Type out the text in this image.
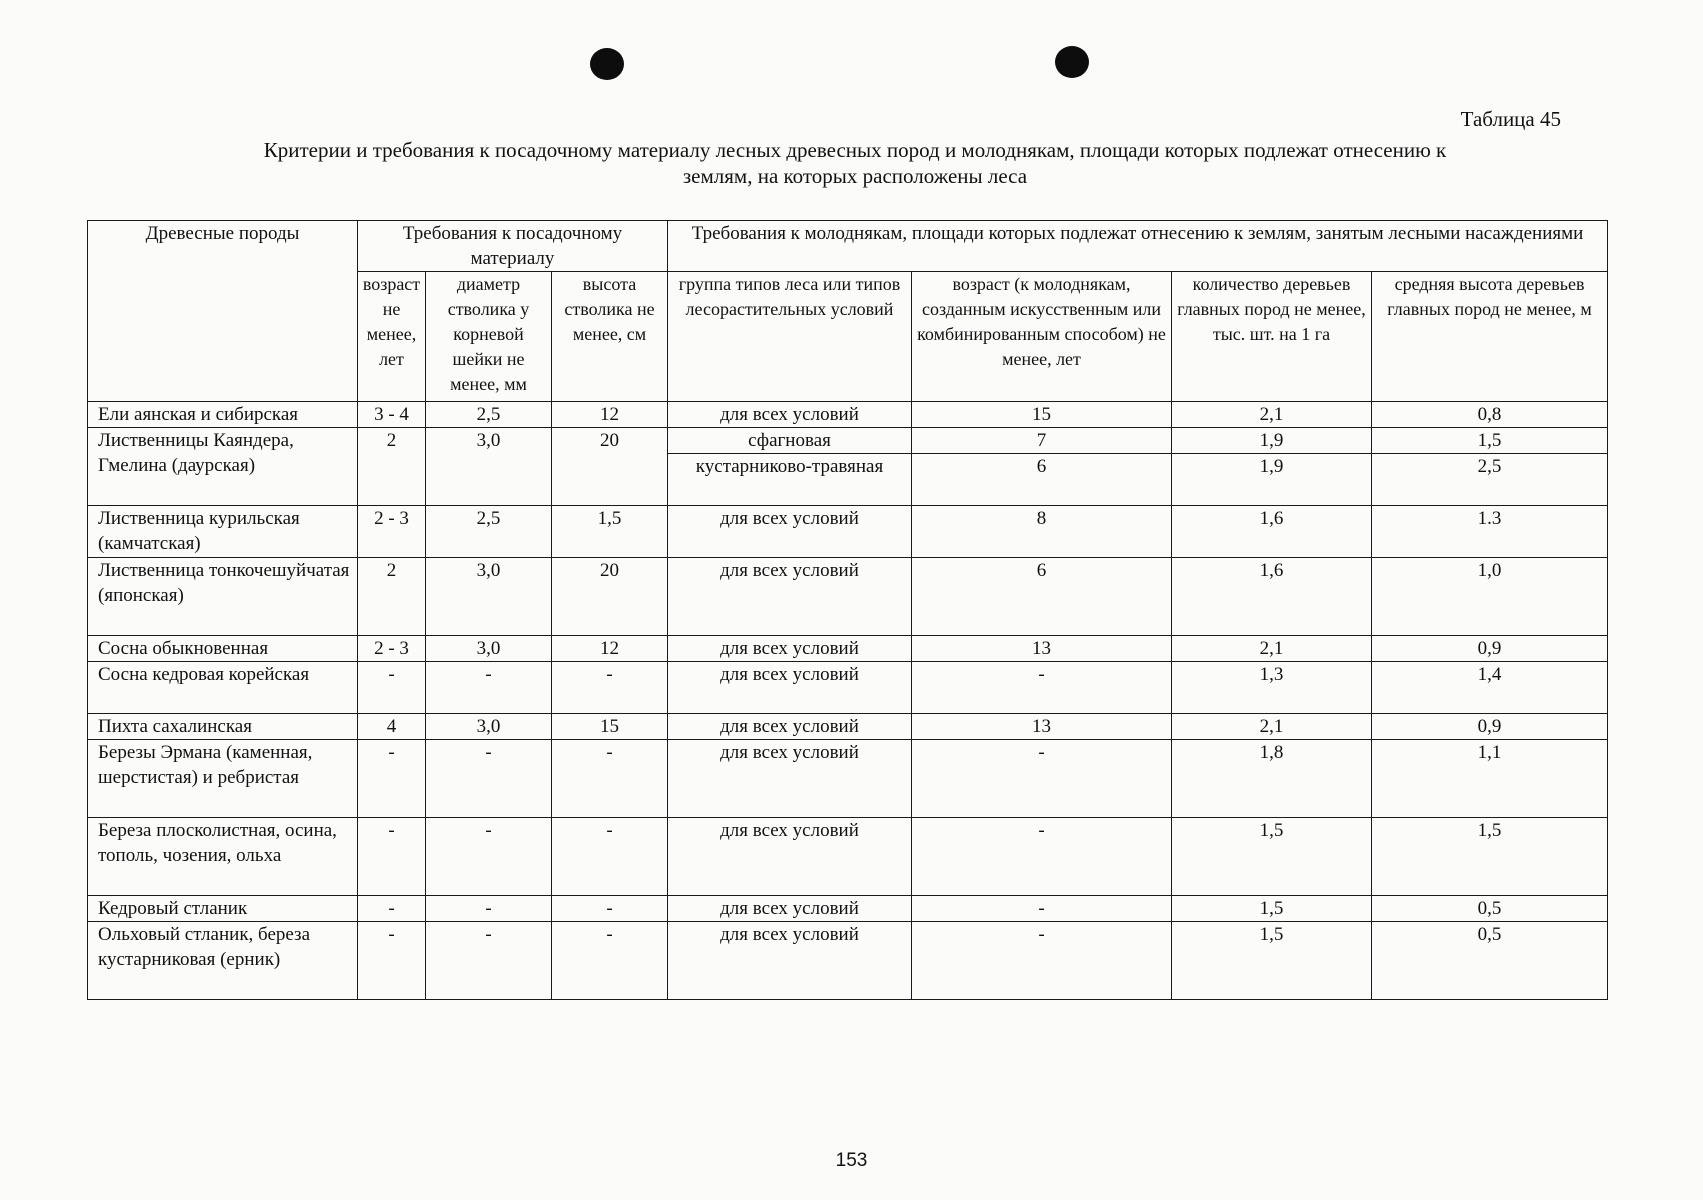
Таблица 45
Критерии и требования к посадочному материалу лесных древесных пород и молоднякам, площади которых подлежат отнесению к
землям, на которых расположены леса
Древесные породы	Требования к посадочному материалу			Требования к молоднякам, площади которых подлежат отнесению к землям, занятым лесными насаждениями			
	возраст не менее, лет	диаметр стволика у корневой шейки не менее, мм	высота стволика не менее, см	группа типов леса или типов лесорастительных условий	возраст (к молоднякам, созданным искусственным или комбинированным способом) не менее, лет	количество деревьев главных пород не менее, тыс. шт. на 1 га	средняя высота деревьев главных пород не менее, м
Ели аянская и сибирская	3 - 4	2,5	12	для всех условий	15	2,1	0,8
Лиственницы Каяндера, Гмелина (даурская)	2	3,0	20	сфагновая	7	1,9	1,5
				кустарниково-травяная	6	1,9	2,5
Лиственница курильская (камчатская)	2 - 3	2,5	1,5	для всех условий	8	1,6	1.3
Лиственница тонкочешуйчатая (японская)	2	3,0	20	для всех условий	6	1,6	1,0
Сосна обыкновенная	2 - 3	3,0	12	для всех условий	13	2,1	0,9
Сосна кедровая корейская	-	-	-	для всех условий	-	1,3	1,4
Пихта сахалинская	4	3,0	15	для всех условий	13	2,1	0,9
Березы Эрмана (каменная, шерстистая) и ребристая	-	-	-	для всех условий	-	1,8	1,1
Береза плосколистная, осина, тополь, чозения, ольха	-	-	-	для всех условий	-	1,5	1,5
Кедровый стланик	-	-	-	для всех условий	-	1,5	0,5
Ольховый стланик, береза кустарниковая (ерник)	-	-	-	для всех условий	-	1,5	0,5
153
